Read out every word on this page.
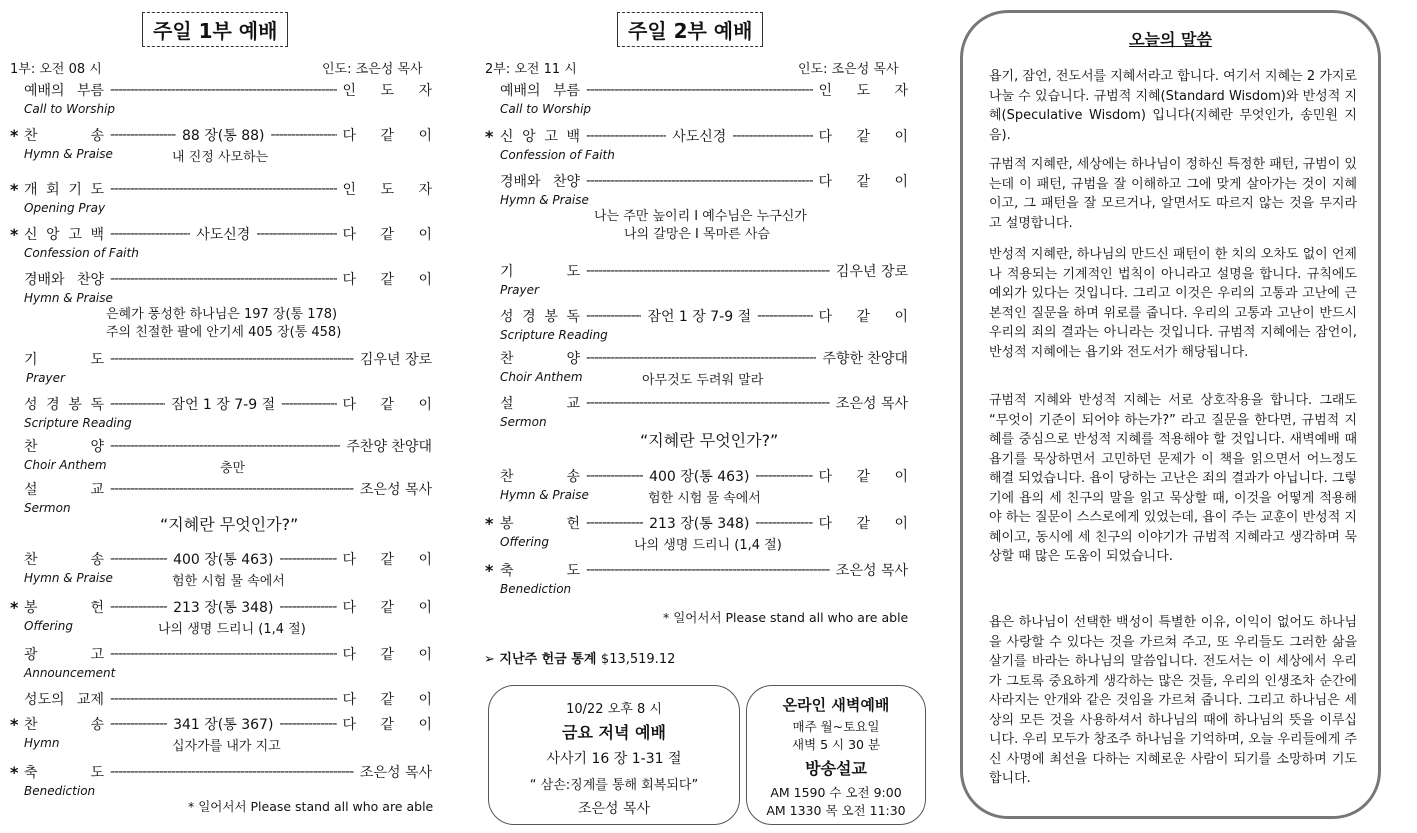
주일 1부 예배
1부: 오전 08 시	인도: 조은성 목사
예배의 부름 -----	인 도 자
Call to Worship
* 찬 송 -----	88 장(통 88) -----	다 같 이
Hymn & Praise	내 진정 사모하는
* 개 회 기 도 -----	인 도 자
Opening Pray
* 신 앙 고 백 -----	사도신경 -----	다 같 이
Confession of Faith
경배와 찬양 -----	다 같 이
Hymn & Praise
은혜가 풍성한 하나님은 197 장(통 178)
주의 친절한 팔에 안기세 405 장(통 458)
기 도 -----	김우년 장로
Prayer
성 경 봉 독 -----	잠언 1 장 7-9 절 -----	다 같 이
Scripture Reading
찬 양 -----	주찬양 찬양대
Choir Anthem	충만
설 교 -----	조은성 목사
Sermon
찬 송 -----	400 장(통 463) -----	다 같 이
Hymn & Praise	험한 시험 물 속에서
* 봉 헌 -----	213 장(통 348) -----	다 같 이
Offering	나의 생명 드리니 (1,4 절)
광 고 -----	다 같 이
Announcement
성도의 교제 -----	다 같 이
* 찬 송 -----	341 장(통 367) -----	다 같 이
Hymn	십자가를 내가 지고
* 축 도 -----	조은성 목사
Benediction
“지혜란 무엇인가?”
* 일어서서 Please stand all who are able
주일 2부 예배
2부: 오전 11 시	인도: 조은성 목사
예배의 부름 -----	인 도 자
Call to Worship
* 신 앙 고 백 -----	사도신경 -----	다 같 이
Confession of Faith
경배와 찬양 -----	다 같 이
Hymn & Praise
나는 주만 높이리 I 예수님은 누구신가
나의 갈망은 I 목마른 사슴
기 도 -----	김우년 장로
Prayer
성 경 봉 독 -----	잠언 1 장 7-9 절 -----	다 같 이
Scripture Reading
찬 양 -----	주향한 찬양대
Choir Anthem	아무것도 두려워 말라
설 교 -----	조은성 목사
Sermon
찬 송 -----	400 장(통 463) -----	다 같 이
Hymn & Praise	험한 시험 물 속에서
* 봉 헌 -----	213 장(통 348) -----	다 같 이
Offering	나의 생명 드리니 (1,4 절)
* 축 도 -----	조은성 목사
Benediction
“지혜란 무엇인가?”
* 일어서서 Please stand all who are able
➢ 지난주 헌금 통계 $13,519.12
10/22 오후 8 시
금요 저녁 예배
사사기 16 장 1-31 절
“ 삼손:징계를 통해 회복되다”
조은성 목사
온라인 새벽예배
매주 월~토요일
새벽 5 시 30 분
방송설교
AM 1590 수 오전 9:00
AM 1330 목 오전 11:30
오늘의 말씀
욥기, 잠언, 전도서를 지혜서라고 합니다. 여기서 지혜는 2 가지로 나눌 수 있습니다. 규범적 지혜(Standard Wisdom)와 반성적 지혜(Speculative Wisdom) 입니다(지혜란 무엇인가, 송민원 지음).
규범적 지혜란, 세상에는 하나님이 정하신 특정한 패턴, 규범이 있는데 이 패턴, 규범을 잘 이해하고 그에 맞게 살아가는 것이 지혜이고, 그 패턴을 잘 모르거나, 알면서도 따르지 않는 것을 무지라고 설명합니다.
반성적 지혜란, 하나님의 만드신 패턴이 한 치의 오차도 없이 언제나 적용되는 기계적인 법칙이 아니라고 설명을 합니다. 규칙에도 예외가 있다는 것입니다. 그리고 이것은 우리의 고통과 고난에 근본적인 질문을 하며 위로를 줍니다. 우리의 고통과 고난이 반드시 우리의 죄의 결과는 아니라는 것입니다. 규범적 지혜에는 잠언이, 반성적 지혜에는 욥기와 전도서가 해당됩니다.
규범적 지혜와 반성적 지혜는 서로 상호작용을 합니다. 그래도 “무엇이 기준이 되어야 하는가?” 라고 질문을 한다면, 규범적 지혜를 중심으로 반성적 지혜를 적용해야 할 것입니다. 새벽예배 때 욥기를 묵상하면서 고민하던 문제가 이 책을 읽으면서 어느정도 해결 되었습니다. 욥이 당하는 고난은 죄의 결과가 아닙니다. 그렇기에 욥의 세 친구의 말을 읽고 묵상할 때, 이것을 어떻게 적용해야 하는 질문이 스스로에게 있었는데, 욥이 주는 교훈이 반성적 지혜이고, 동시에 세 친구의 이야기가 규범적 지혜라고 생각하며 묵상할 때 많은 도움이 되었습니다.
욥은 하나님이 선택한 백성이 특별한 이유, 이익이 없어도 하나님을 사랑할 수 있다는 것을 가르쳐 주고, 또 우리들도 그러한 삶을 살기를 바라는 하나님의 말씀입니다. 전도서는 이 세상에서 우리가 그토록 중요하게 생각하는 많은 것들, 우리의 인생조차 순간에 사라지는 안개와 같은 것임을 가르쳐 줍니다. 그리고 하나님은 세상의 모든 것을 사용하셔서 하나님의 때에 하나님의 뜻을 이루십니다. 우리 모두가 창조주 하나님을 기억하며, 오늘 우리들에게 주신 사명에 최선을 다하는 지혜로운 사람이 되기를 소망하며 기도합니다.
